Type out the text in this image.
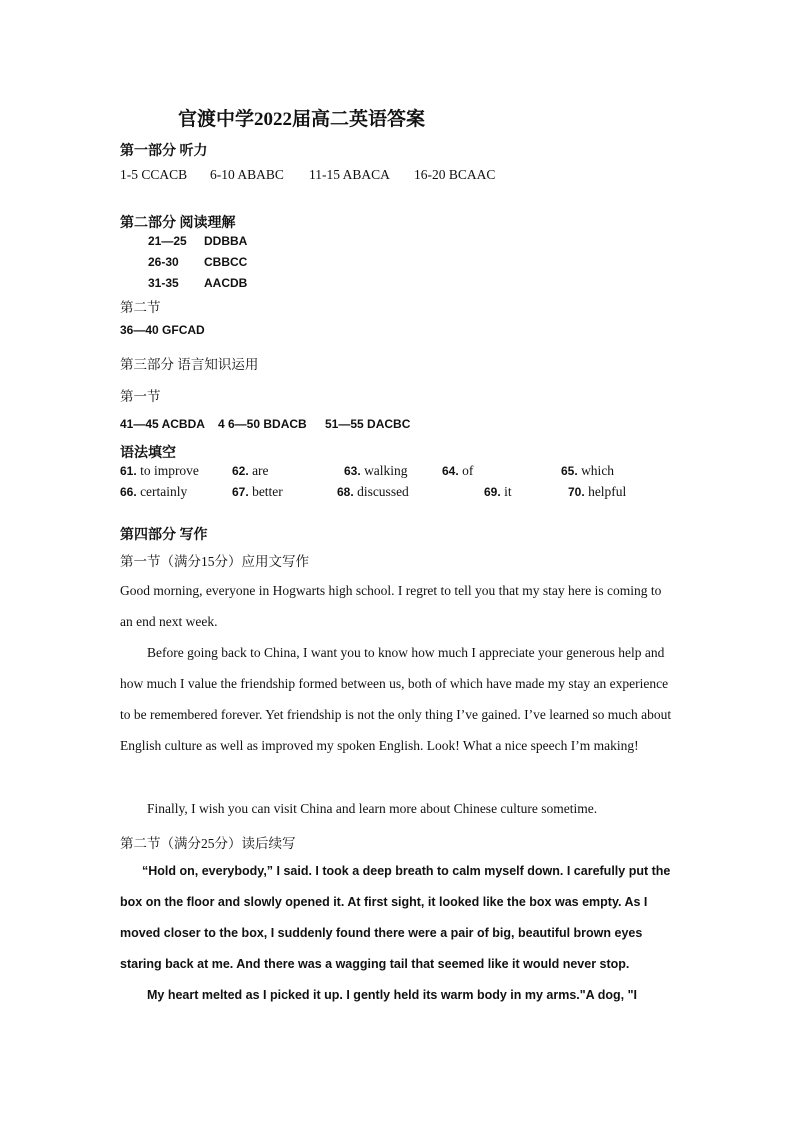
官渡中学2022届高二英语答案
第一部分 听力
1-5 CCACB 6-10 ABABC 11-15 ABACA 16-20 BCAAC
第二部分 阅读理解
21—25 DDBBA
26-30 CBBCC
31-35 AACDB
第二节
36—40 GFCAD
第三部分 语言知识运用
第一节
41—45 ACBDA 4 6—50 BDACB 51—55 DACBC
语法填空
61. to improve	62. are	63. walking	64. of	65. which
66. certainly	67. better	68. discussed	69. it	70. helpful
第四部分 写作
第一节（满分15分）应用文写作
Good morning, everyone in Hogwarts high school. I regret to tell you that my stay here is coming to an end next week.
Before going back to China, I want you to know how much I appreciate your generous help and how much I value the friendship formed between us, both of which have made my stay an experience to be remembered forever. Yet friendship is not the only thing I’ve gained. I’ve learned so much about English culture as well as improved my spoken English. Look! What a nice speech I’m making!
Finally, I wish you can visit China and learn more about Chinese culture sometime.
第二节（满分25分）读后续写
“Hold on, everybody,” I said. I took a deep breath to calm myself down. I carefully put the box on the floor and slowly opened it. At first sight, it looked like the box was empty. As I moved closer to the box, I suddenly found there were a pair of big, beautiful brown eyes staring back at me. And there was a wagging tail that seemed like it would never stop.
My heart melted as I picked it up. I gently held its warm body in my arms."A dog, "I
